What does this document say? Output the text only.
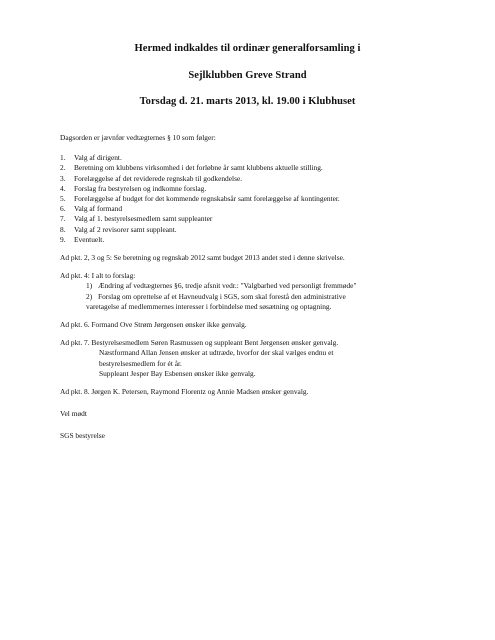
Hermed indkaldes til ordinær generalforsamling i
Sejlklubben Greve Strand
Torsdag d. 21. marts 2013, kl. 19.00 i Klubhuset

Dagsorden er jævnfør vedtægternes § 10 som følger:

1.	Valg af dirigent.
2.	Beretning om klubbens virksomhed i det forløbne år samt klubbens aktuelle stilling.
3.	Forelæggelse af det reviderede regnskab til godkendelse.
4.	Forslag fra bestyrelsen og indkomne forslag.
5.	Forelæggelse af budget for det kommende regnskabsår samt forelæggelse af kontingenter.
6.	Valg af formand
7.	Valg af 1. bestyrelsesmedlem samt suppleanter
8.	Valg af 2 revisorer samt suppleant.
9.	Eventuelt.

Ad pkt. 2, 3 og 5: Se beretning og regnskab 2012 samt budget 2013 andet sted i denne skrivelse.

Ad pkt. 4: I alt to forslag:

1) Ændring af vedtægternes §6, tredje afsnit vedr.: "Valgbarhed ved personligt fremmøde"
2) Forslag om oprettelse af et Havneudvalg i SGS, som skal forestå den administrative

varetagelse af medlemmernes interesser i forbindelse med søsætning og optagning.

Ad pkt. 6. Formand Ove Strøm Jørgensen ønsker ikke genvalg.

Ad pkt. 7. Bestyrelsesmedlem Søren Rasmussen og suppleant Bent Jørgensen ønsker genvalg.

Næstformand Allan Jensen ønsker at udtræde, hvorfor der skal vælges endnu et

bestyrelsesmedlem for ét år.

Suppleant Jesper Bay Esbensen ønsker ikke genvalg.

Ad pkt. 8. Jørgen K. Petersen, Raymond Florentz og Annie Madsen ønsker genvalg.

Vel mødt

SGS bestyrelse
